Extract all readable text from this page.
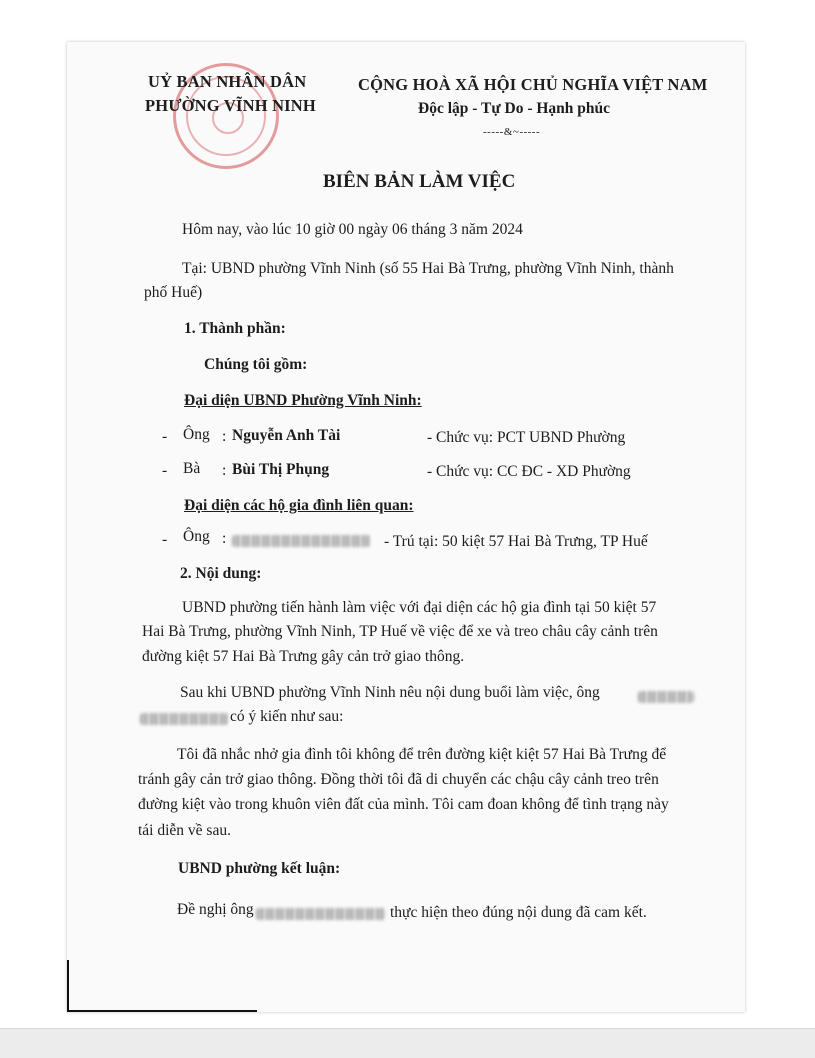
UỶ BAN NHÂN DÂN
PHƯỜNG VĨNH NINH
CỘNG HOÀ XÃ HỘI CHỦ NGHĨA VIỆT NAM
Độc lập - Tự Do - Hạnh phúc
-----&~-----
BIÊN BẢN LÀM VIỆC
Hôm nay, vào lúc 10 giờ 00 ngày 06 tháng 3 năm 2024
Tại: UBND phường Vĩnh Ninh (số 55 Hai Bà Trưng, phường Vĩnh Ninh, thành
phố Huế)
1. Thành phần:
Chúng tôi gồm:
Đại diện UBND Phường Vĩnh Ninh:
- Ông : Nguyễn Anh Tài	- Chức vụ: PCT UBND Phường
- Bà : Bùi Thị Phụng	- Chức vụ: CC ĐC - XD Phường
Đại diện các hộ gia đình liên quan:
- Ông :	- Trú tại: 50 kiệt 57 Hai Bà Trưng, TP Huế
2. Nội dung:
UBND phường tiến hành làm việc với đại diện các hộ gia đình tại 50 kiệt 57
Hai Bà Trưng, phường Vĩnh Ninh, TP Huế về việc để xe và treo châu cây cảnh trên
đường kiệt 57 Hai Bà Trưng gây cản trở giao thông.
Sau khi UBND phường Vĩnh Ninh nêu nội dung buổi làm việc, ông
có ý kiến như sau:
Tôi đã nhắc nhở gia đình tôi không để trên đường kiệt kiệt 57 Hai Bà Trưng để
tránh gây cản trở giao thông. Đồng thời tôi đã di chuyển các chậu cây cảnh treo trên
đường kiệt vào trong khuôn viên đất của mình. Tôi cam đoan không để tình trạng này
tái diễn về sau.
UBND phường kết luận:
Đề nghị ông	thực hiện theo đúng nội dung đã cam kết.
